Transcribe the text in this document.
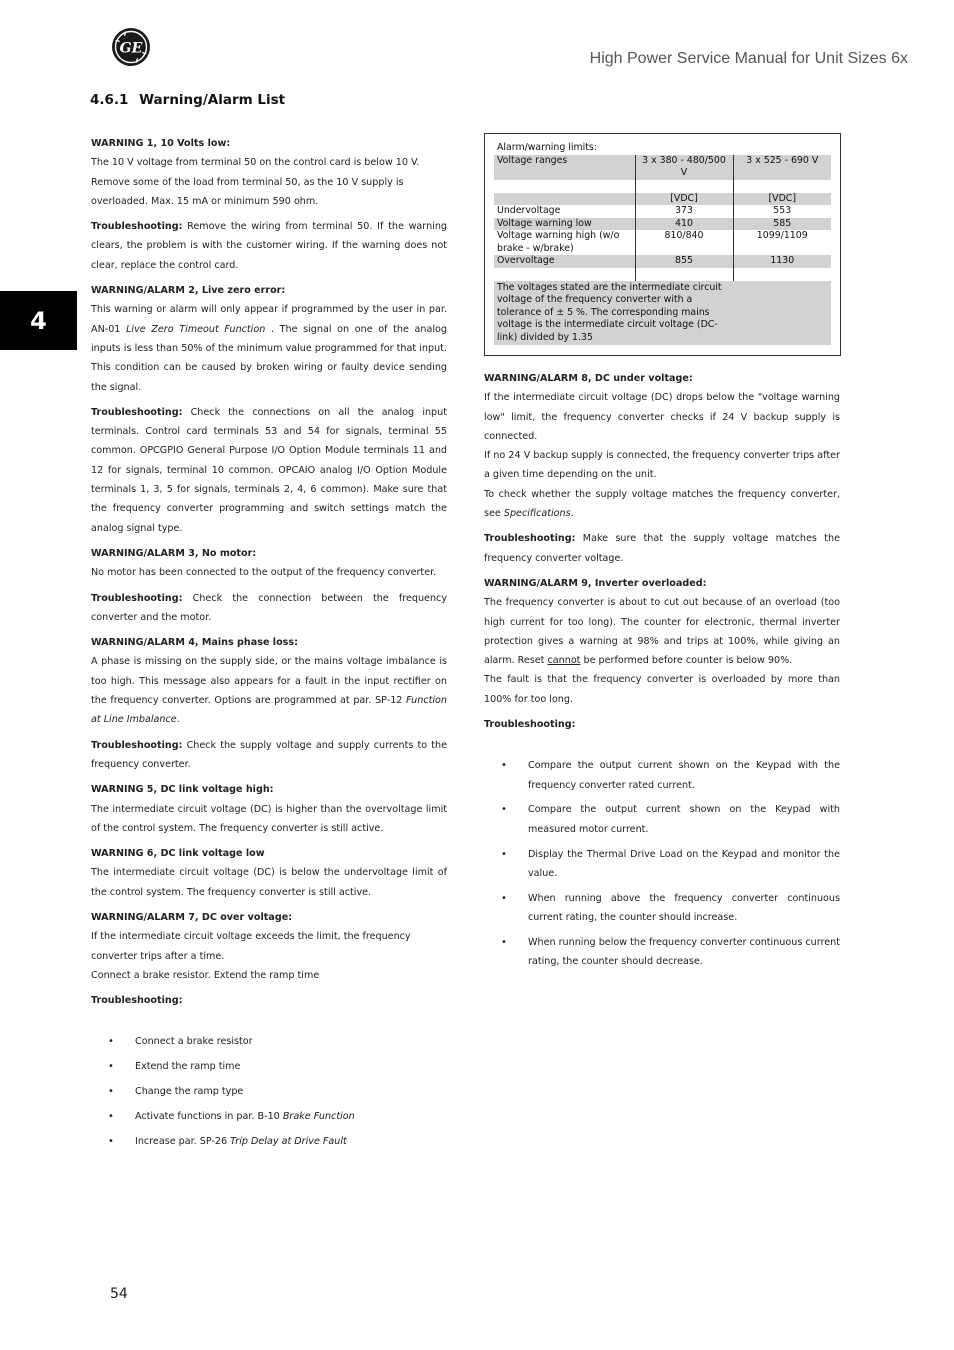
GE
High Power Service Manual for Unit Sizes 6x
4.6.1 Warning/Alarm List
4
WARNING 1, 10 Volts low:
The 10 V voltage from terminal 50 on the control card is below 10 V.
Remove some of the load from terminal 50, as the 10 V supply is overloaded. Max. 15 mA or minimum 590 ohm.
Troubleshooting: Remove the wiring from terminal 50. If the warning clears, the problem is with the customer wiring. If the warning does not clear, replace the control card.
WARNING/ALARM 2, Live zero error:
This warning or alarm will only appear if programmed by the user in par. AN-01 Live Zero Timeout Function . The signal on one of the analog inputs is less than 50% of the minimum value programmed for that input. This condition can be caused by broken wiring or faulty device sending the signal.
Troubleshooting: Check the connections on all the analog input terminals. Control card terminals 53 and 54 for signals, terminal 55 common. OPCGPIO General Purpose I/O Option Module terminals 11 and 12 for signals, terminal 10 common. OPCAIO analog I/O Option Module terminals 1, 3, 5 for signals, terminals 2, 4, 6 common). Make sure that the frequency converter programming and switch settings match the analog signal type.
WARNING/ALARM 3, No motor:
No motor has been connected to the output of the frequency converter.
Troubleshooting: Check the connection between the frequency converter and the motor.
WARNING/ALARM 4, Mains phase loss:
A phase is missing on the supply side, or the mains voltage imbalance is too high. This message also appears for a fault in the input rectifier on the frequency converter. Options are programmed at par. SP-12 Function at Line Imbalance.
Troubleshooting: Check the supply voltage and supply currents to the frequency converter.
WARNING 5, DC link voltage high:
The intermediate circuit voltage (DC) is higher than the overvoltage limit of the control system. The frequency converter is still active.
WARNING 6, DC link voltage low
The intermediate circuit voltage (DC) is below the undervoltage limit of the control system. The frequency converter is still active.
WARNING/ALARM 7, DC over voltage:
If the intermediate circuit voltage exceeds the limit, the frequency converter trips after a time.
Connect a brake resistor. Extend the ramp time
Troubleshooting:
• Connect a brake resistor
• Extend the ramp time
• Change the ramp type
• Activate functions in par. B-10 Brake Function
• Increase par. SP-26 Trip Delay at Drive Fault
Alarm/warning limits:		
Voltage ranges	3 x 380 - 480/500 V	3 x 525 - 690 V

	[VDC]	[VDC]
Undervoltage	373	553
Voltage warning low	410	585
Voltage warning high (w/o brake - w/brake)	810/840	1099/1109
Overvoltage	855	1130

The voltages stated are the intermediate circuit voltage of the frequency converter with a tolerance of ± 5 %. The corresponding mains voltage is the intermediate circuit voltage (DC-link) divided by 1.35		
WARNING/ALARM 8, DC under voltage:
If the intermediate circuit voltage (DC) drops below the "voltage warning low" limit, the frequency converter checks if 24 V backup supply is connected.
If no 24 V backup supply is connected, the frequency converter trips after a given time depending on the unit.
To check whether the supply voltage matches the frequency converter, see Specifications.
Troubleshooting: Make sure that the supply voltage matches the frequency converter voltage.
WARNING/ALARM 9, Inverter overloaded:
The frequency converter is about to cut out because of an overload (too high current for too long). The counter for electronic, thermal inverter protection gives a warning at 98% and trips at 100%, while giving an alarm. Reset cannot be performed before counter is below 90%.
The fault is that the frequency converter is overloaded by more than 100% for too long.
Troubleshooting:
• Compare the output current shown on the Keypad with the frequency converter rated current.
• Compare the output current shown on the Keypad with measured motor current.
• Display the Thermal Drive Load on the Keypad and monitor the value.
• When running above the frequency converter continuous current rating, the counter should increase.
• When running below the frequency converter continuous current rating, the counter should decrease.
54
